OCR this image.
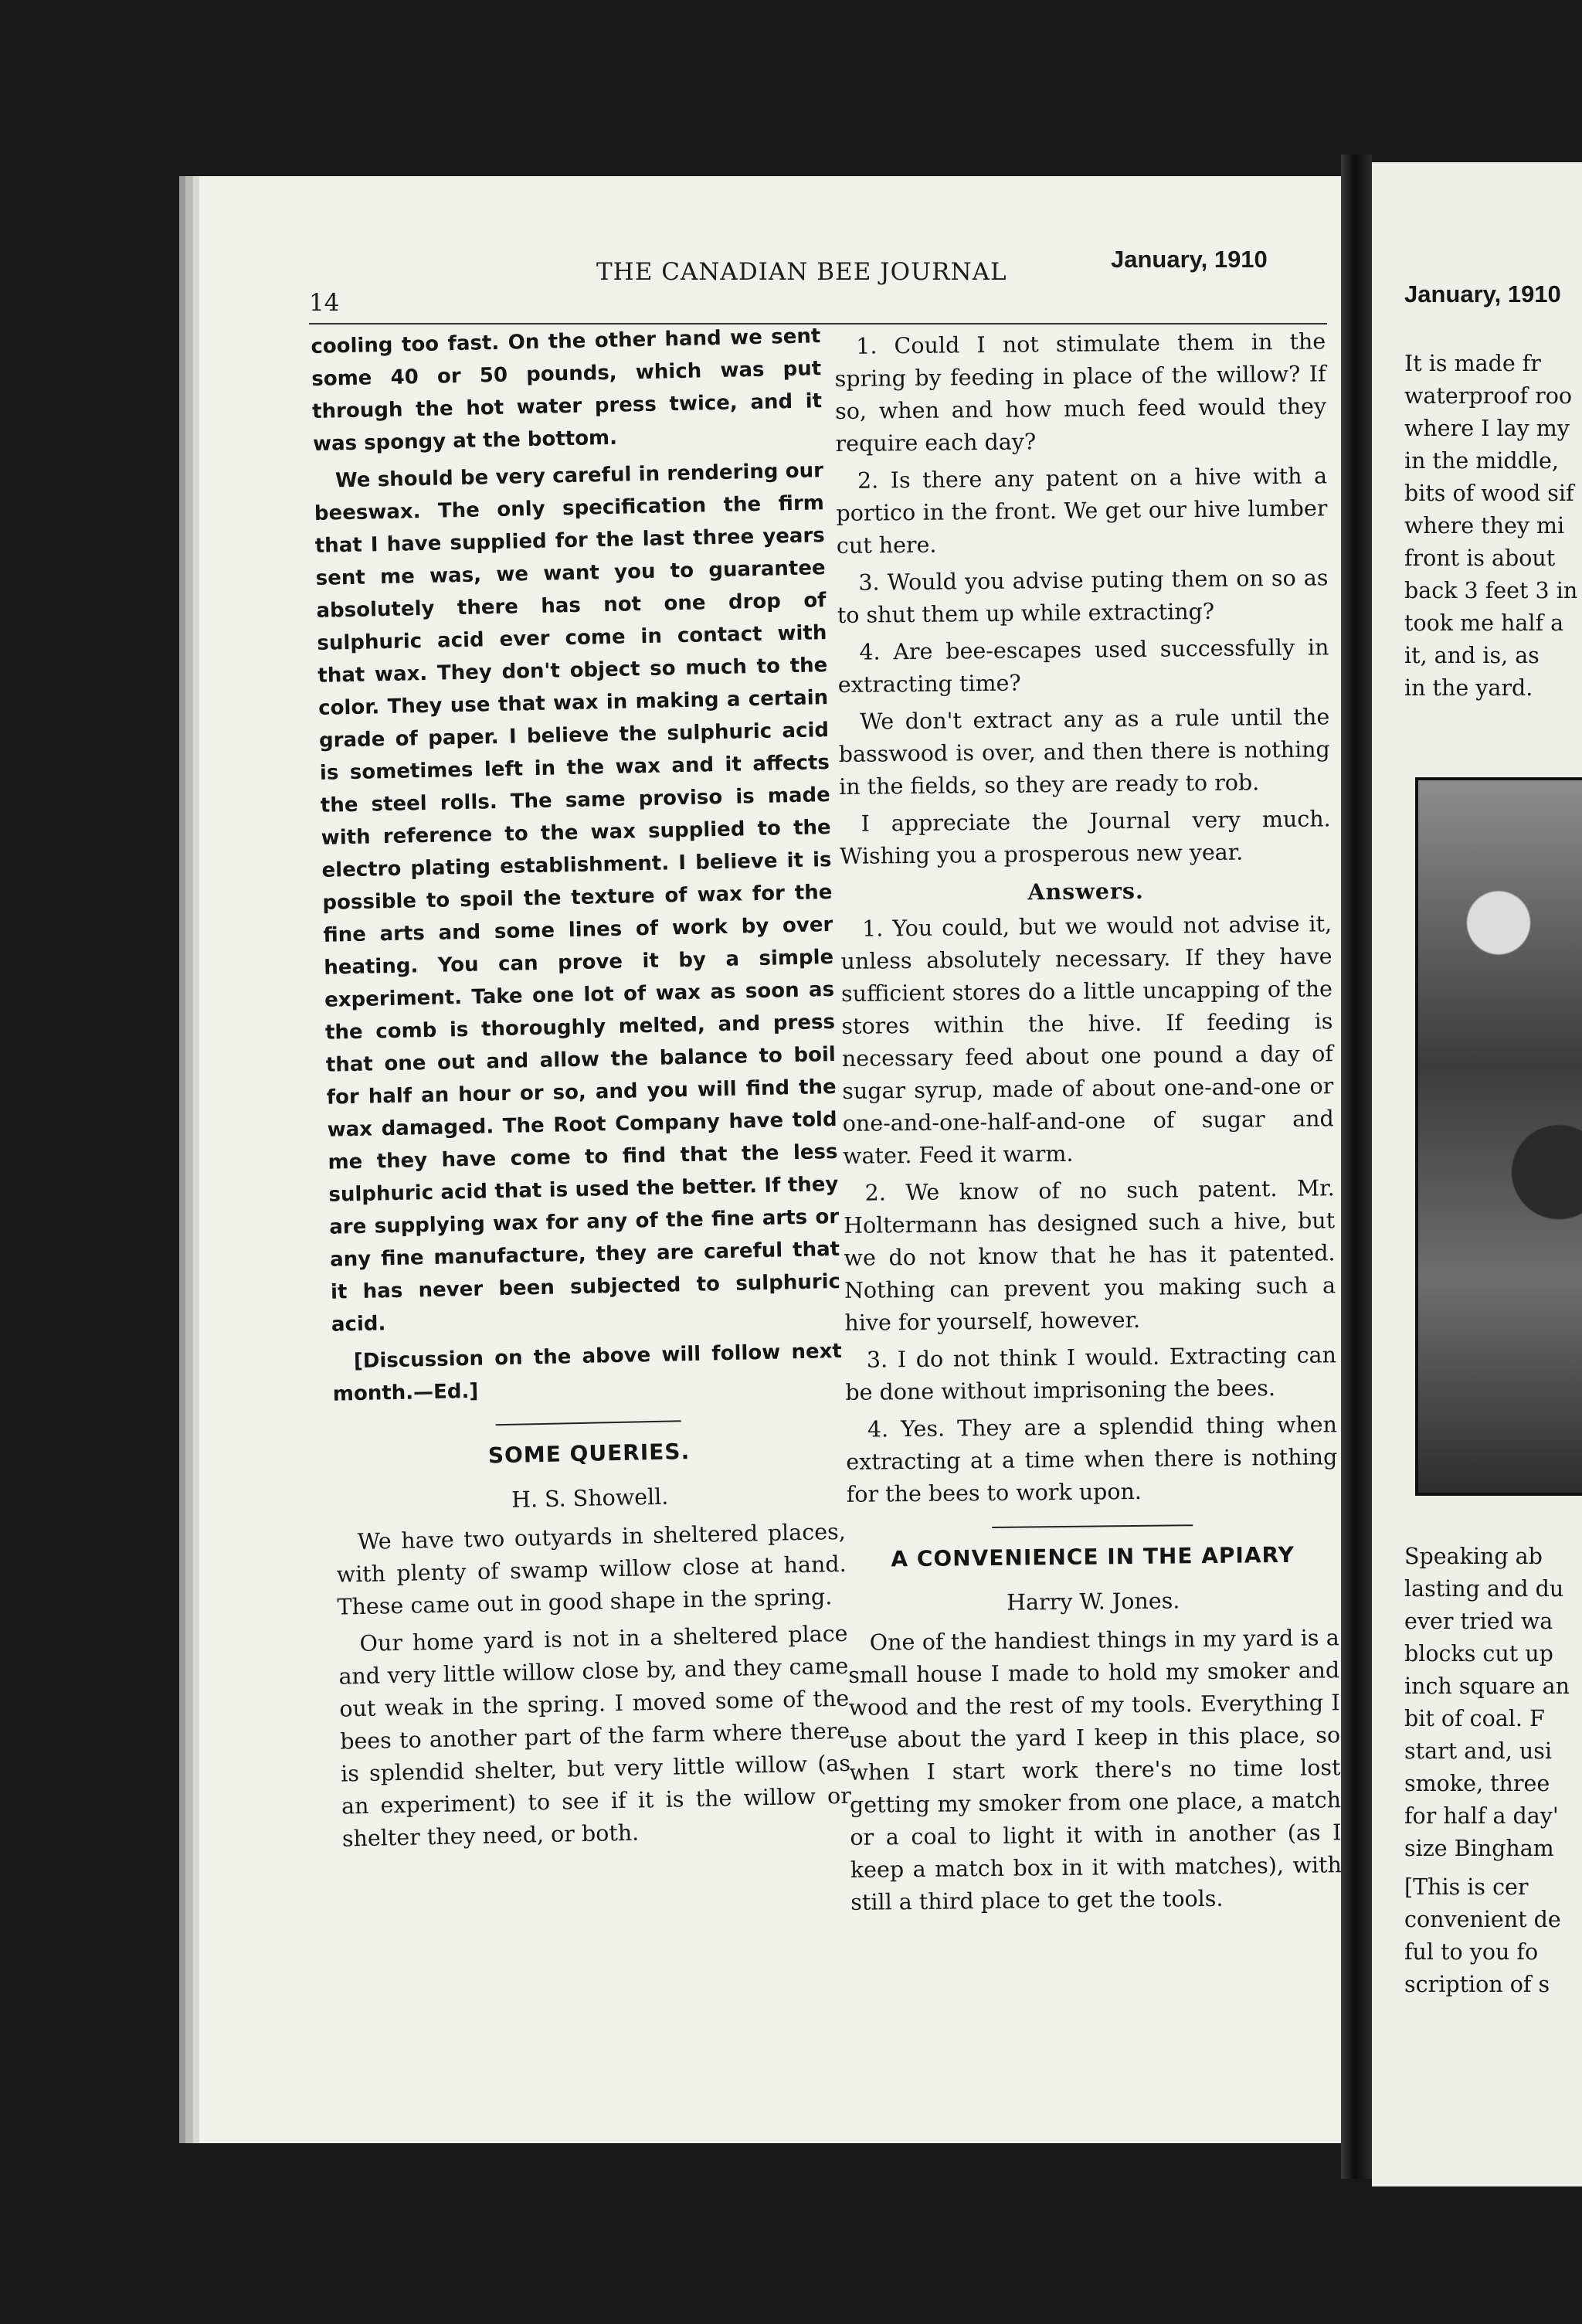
14
THE CANADIAN BEE JOURNAL	January, 1910

cooling too fast. On the other hand we sent some 40 or 50 pounds, which was put through the hot water press twice, and it was spongy at the bottom.

We should be very careful in rendering our beeswax. The only specification the firm that I have supplied for the last three years sent me was, we want you to guarantee absolutely there has not one drop of sulphuric acid ever come in contact with that wax. They don't object so much to the color. They use that wax in making a certain grade of paper. I believe the sulphuric acid is sometimes left in the wax and it affects the steel rolls. The same proviso is made with reference to the wax supplied to the electro plating establishment. I believe it is possible to spoil the texture of wax for the fine arts and some lines of work by over heating. You can prove it by a simple experiment. Take one lot of wax as soon as the comb is thoroughly melted, and press that one out and allow the balance to boil for half an hour or so, and you will find the wax damaged. The Root Company have told me they have come to find that the less sulphuric acid that is used the better. If they are supplying wax for any of the fine arts or any fine manufacture, they are careful that it has never been subjected to sulphuric acid.

[Discussion on the above will follow next month.—Ed.]

SOME QUERIES.
H. S. Showell.

We have two outyards in sheltered places, with plenty of swamp willow close at hand. These came out in good shape in the spring.

Our home yard is not in a sheltered place and very little willow close by, and they came out weak in the spring. I moved some of the bees to another part of the farm where there is splendid shelter, but very little willow (as an experiment) to see if it is the willow or shelter they need, or both.

1. Could I not stimulate them in the spring by feeding in place of the willow? If so, when and how much feed would they require each day?

2. Is there any patent on a hive with a portico in the front. We get our hive lumber cut here.

3. Would you advise puting them on so as to shut them up while extracting?

4. Are bee-escapes used successfully in extracting time?

We don't extract any as a rule until the basswood is over, and then there is nothing in the fields, so they are ready to rob.

I appreciate the Journal very much. Wishing you a prosperous new year.

Answers.

1. You could, but we would not advise it, unless absolutely necessary. If they have sufficient stores do a little uncapping of the stores within the hive. If feeding is necessary feed about one pound a day of sugar syrup, made of about one-and-one or one-and-one-half-and-one of sugar and water. Feed it warm.

2. We know of no such patent. Mr. Holtermann has designed such a hive, but we do not know that he has it patented. Nothing can prevent you making such a hive for yourself, however.

3. I do not think I would. Extracting can be done without imprisoning the bees.

4. Yes. They are a splendid thing when extracting at a time when there is nothing for the bees to work upon.

A CONVENIENCE IN THE APIARY
Harry W. Jones.

One of the handiest things in my yard is a small house I made to hold my smoker and wood and the rest of my tools. Everything I use about the yard I keep in this place, so when I start work there's no time lost getting my smoker from one place, a match or a coal to light it with in another (as I keep a match box in it with matches), with still a third place to get the tools.

January, 1910

It is made fr

waterproof roo

where I lay my

in the middle,

bits of wood sif

where they mi

front is about

back 3 feet 3 in

took me half a

it, and is, as

in the yard.

Speaking ab

lasting and du

ever tried wa

blocks cut up

inch square an

bit of coal. F

start and, usi

smoke, three

for half a day'

size Bingham

[This is cer

convenient de

ful to you fo

scription of s
